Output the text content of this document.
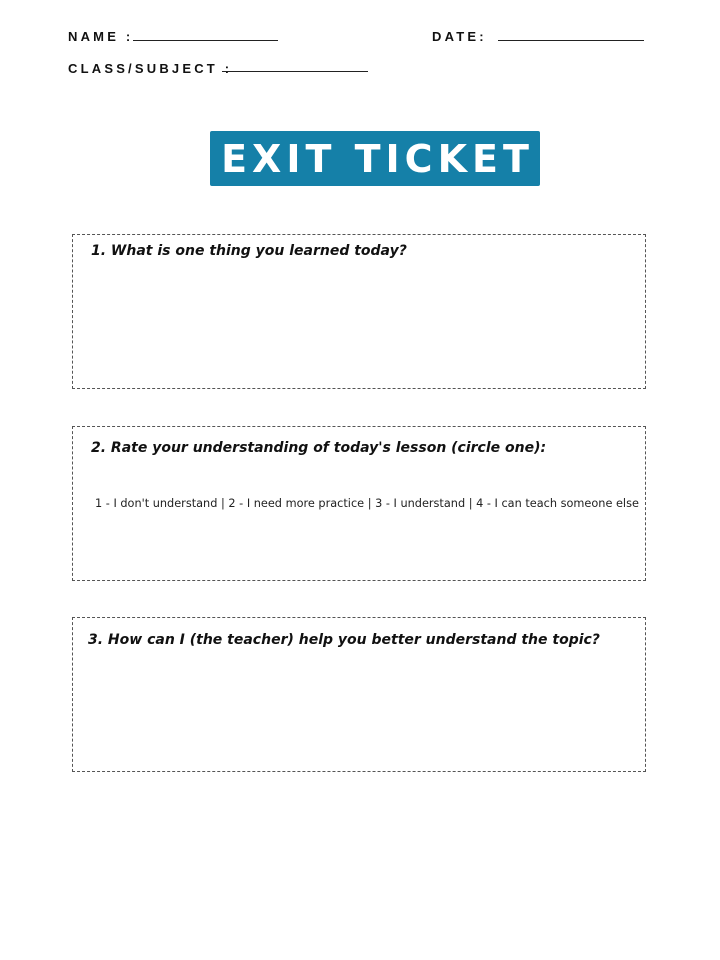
NAME :	DATE:
CLASS/SUBJECT :
EXIT TICKET
1. What is one thing you learned today?
2. Rate your understanding of today's lesson (circle one):
1 - I don't understand | 2 - I need more practice | 3 - I understand | 4 - I can teach someone else
3. How can I (the teacher) help you better understand the topic?
